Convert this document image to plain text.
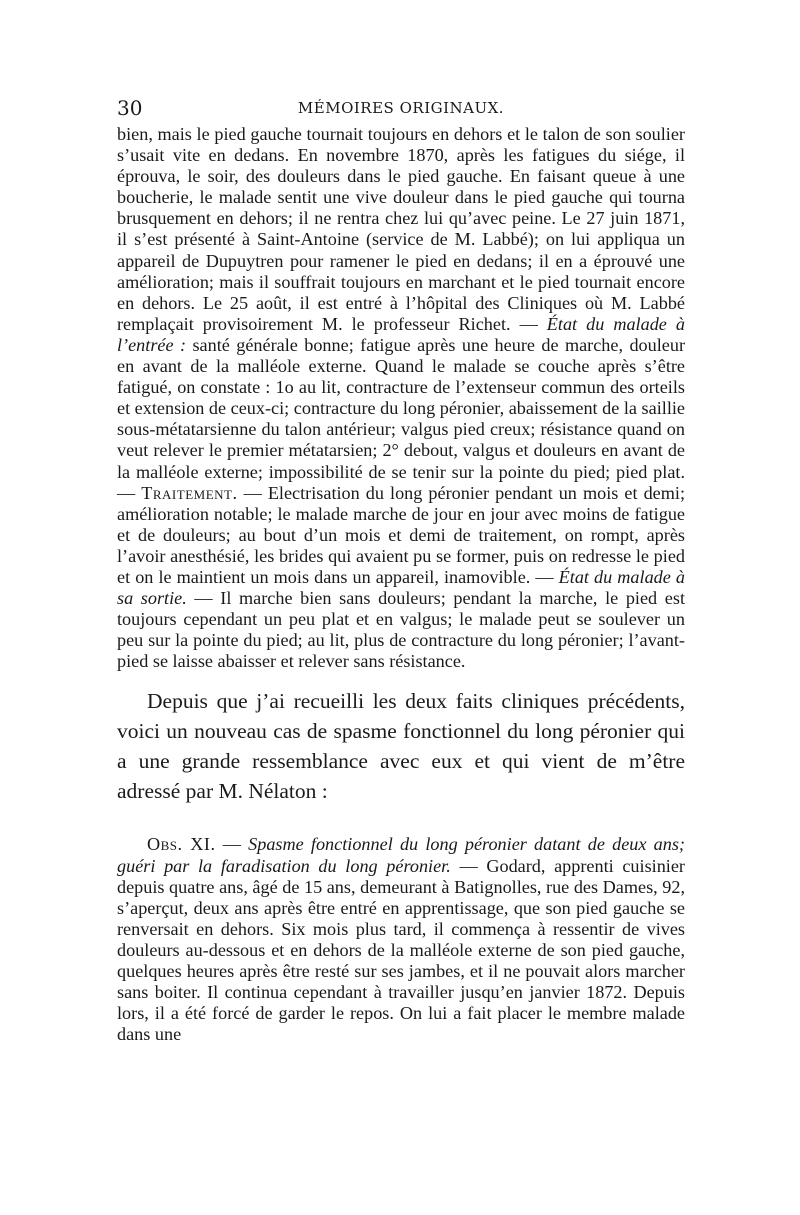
30	MÉMOIRES ORIGINAUX.

bien, mais le pied gauche tournait toujours en dehors et le talon de son soulier s’usait vite en dedans. En novembre 1870, après les fatigues du siége, il éprouva, le soir, des douleurs dans le pied gauche. En faisant queue à une boucherie, le malade sentit une vive douleur dans le pied gauche qui tourna brusquement en dehors; il ne rentra chez lui qu’avec peine. Le 27 juin 1871, il s’est présenté à Saint-Antoine (service de M. Labbé); on lui appliqua un appareil de Dupuytren pour ramener le pied en dedans; il en a éprouvé une amélioration; mais il souffrait toujours en marchant et le pied tournait encore en dehors. Le 25 août, il est entré à l’hôpital des Cliniques où M. Labbé remplaçait provisoirement M. le professeur Richet. — État du malade à l’entrée : santé générale bonne; fatigue après une heure de marche, douleur en avant de la malléole externe. Quand le malade se couche après s’être fatigué, on constate : 1o au lit, contracture de l’extenseur commun des orteils et extension de ceux-ci; contracture du long péronier, abaissement de la saillie sous-métatarsienne du talon antérieur; valgus pied creux; résistance quand on veut relever le premier métatarsien; 2° debout, valgus et douleurs en avant de la malléole externe; impossibilité de se tenir sur la pointe du pied; pied plat.— Traitement. — Electrisation du long péronier pendant un mois et demi; amélioration notable; le malade marche de jour en jour avec moins de fatigue et de douleurs; au bout d’un mois et demi de traitement, on rompt, après l’avoir anesthésié, les brides qui avaient pu se former, puis on redresse le pied et on le maintient un mois dans un appareil, inamovible. — État du malade à sa sortie. — Il marche bien sans douleurs; pendant la marche, le pied est toujours cependant un peu plat et en valgus; le malade peut se soulever un peu sur la pointe du pied; au lit, plus de contracture du long péronier; l’avant-pied se laisse abaisser et relever sans résistance.

Depuis que j’ai recueilli les deux faits cliniques précédents, voici un nouveau cas de spasme fonctionnel du long péronier qui a une grande ressemblance avec eux et qui vient de m’être adressé par M. Nélaton :

Obs. XI. — Spasme fonctionnel du long péronier datant de deux ans; guéri par la faradisation du long péronier. — Godard, apprenti cuisinier depuis quatre ans, âgé de 15 ans, demeurant à Batignolles, rue des Dames, 92, s’aperçut, deux ans après être entré en apprentissage, que son pied gauche se renversait en dehors. Six mois plus tard, il commença à ressentir de vives douleurs au-dessous et en dehors de la malléole externe de son pied gauche, quelques heures après être resté sur ses jambes, et il ne pouvait alors marcher sans boiter. Il continua cependant à travailler jusqu’en janvier 1872. Depuis lors, il a été forcé de garder le repos. On lui a fait placer le membre malade dans une
